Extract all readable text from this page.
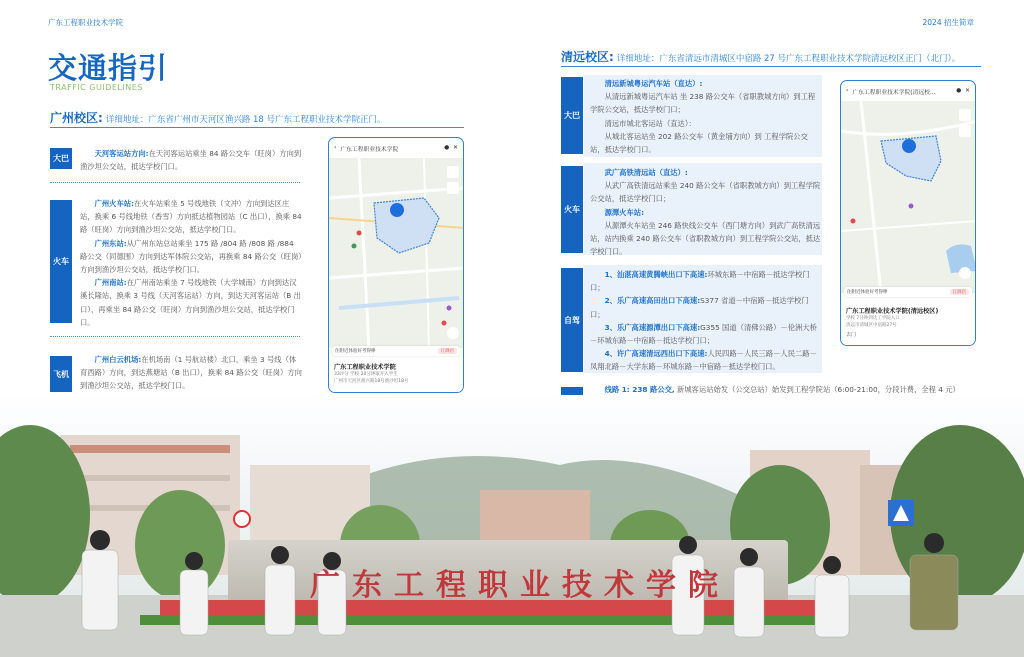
广东工程职业技术学院	2024 招生简章
交通指引
TRAFFIC GUIDELINES
广州校区: 详细地址：广东省广州市天河区渔兴路 18 号广东工程职业技术学院正门。
大巴
天河客运站方向:在天河客运站乘坐 84 路公交车（旺岗）方向到渔沙坦公交站，抵达学校门口。
火车
广州火车站:在火车站乘坐 5 号线地铁（文冲）方向到达区庄站，换乘 6 号线地铁（香雪）方向抵达植物园站（C 出口），换乘 84 路（旺岗）方向到渔沙坦公交站，抵达学校门口。
广州东站:从广州东站总站乘坐 175 路 /804 路 /808 路 /884 路公交（同德围）方向到达军体院公交站，再换乘 84 路公交（旺岗）方向到渔沙坦公交站，抵达学校门口。
广州南站:在广州南站乘坐 7 号线地铁（大学城南）方向到达汉溪长隆站，换乘 3 号线（天河客运站）方向，到达天河客运站（B 出口），再乘坐 84 路公交（旺岗）方向到渔沙坦公交站，抵达学校门口。
飞机
广州白云机场:在机场南（1 号航站楼）北口，乘坐 3 号线（体育西路）方向，到达燕塘站（B 出口），换乘 84 路公交（旺岗）方向到渔沙坦公交站，抵达学校门口。
‹ 广东工程职业技术学院	● ✕
住附近体验好考得棒	订酒店
广东工程职业技术学院
33评分 学校 20分钟取开入学生
广州市天河区渔兴路18号渔沙坦18号
清远校区: 详细地址：广东省清远市清城区中宿路 27 号广东工程职业技术学院清远校区正门（北门）。
大巴
清远新城粤运汽车站（直达）:
从清远新城粤运汽车站 坐 238 路公交车（省职教城方向）到工程学院公交站，抵达学校门口；
清远市城北客运站（直达）：
从城北客运站坐 202 路公交车（黄金埔方向）到 工程学院公交站，抵达学校门口。
火车
武广高铁清远站（直达）:
从武广高铁清远站乘坐 240 路公交车（省职教城方向）到工程学院公交站，抵达学校门口；
源潭火车站:
从源潭火车站坐 246 路快线公交车（西门塘方向）到武广高铁清远站，站内换乘 240 路公交车（省职教城方向）到工程学院公交站，抵达学校门口。
自驾
1、汕湛高速黄腾峡出口下高速:环城东路－中宿路－抵达学校门口；
2、乐广高速高田出口下高速:S377 省道－中宿路－抵达学校门口；
3、乐广高速源潭出口下高速:G355 国道（清佛公路）－伦洲大桥－环城东路－中宿路－抵达学校门口；
4、许广高速清远西出口下高速:人民四路－人民三路－人民二路－凤翔北路－大学东路－环城东路－中宿路－抵达学校门口。
线路 1: 238 路公交, 新城客运站始发（公交总站）始发到工程学院站（6:00-21:00，分段计费，全程 4 元）
‹ 广东工程职业技术学院(清远校...	● ✕
住附近体验好考得棒	订酒店
广东工程职业技术学院(清远校区)
学校 7分钟到达工学院入口
清远市清城区中宿路27号
去门
广东工程职业技术学院
